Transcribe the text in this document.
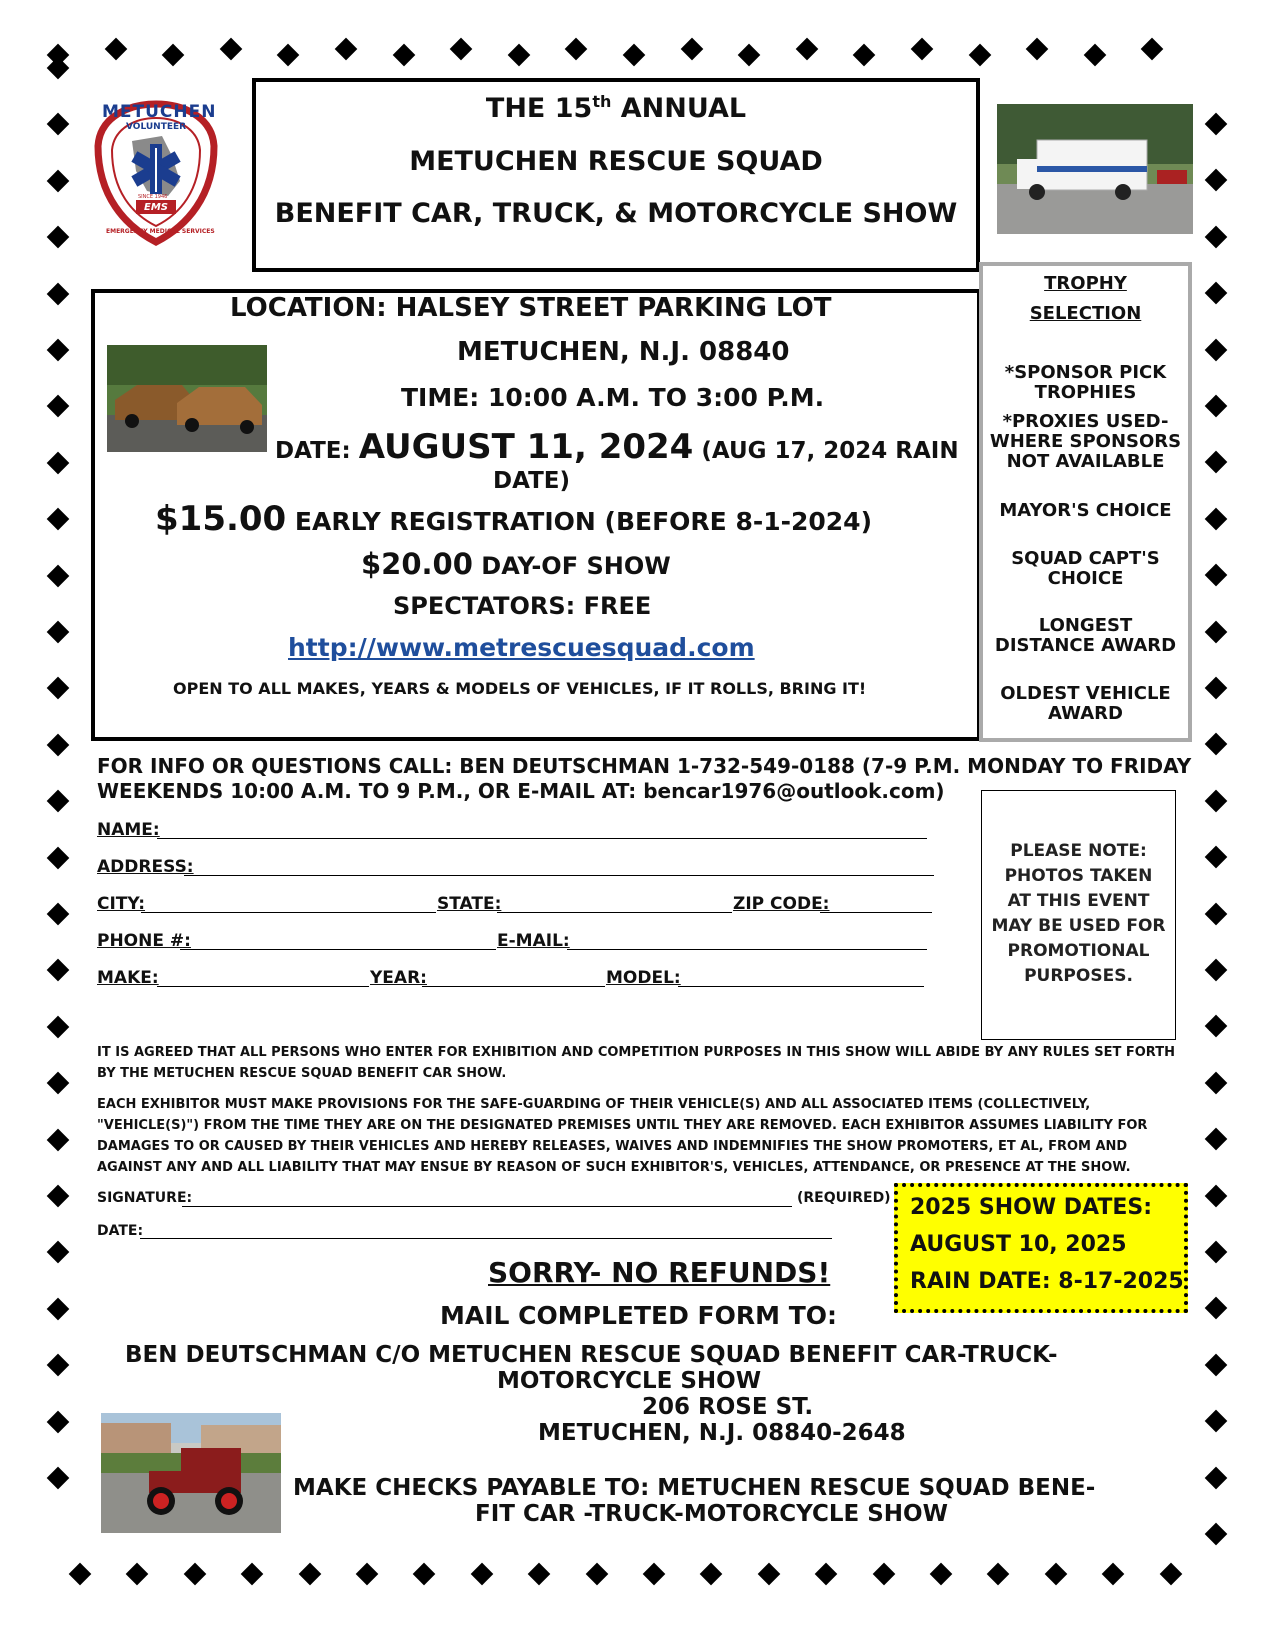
METUCHEN
VOLUNTEER
EMS
SINCE 1946
EMERGENCY MEDICAL SERVICES
THE 15th ANNUAL
METUCHEN RESCUE SQUAD
BENEFIT CAR, TRUCK, & MOTORCYCLE SHOW
LOCATION: HALSEY STREET PARKING LOT
METUCHEN, N.J. 08840
TIME: 10:00 A.M. TO 3:00 P.M.
DATE: AUGUST 11, 2024 (AUG 17, 2024 RAIN
DATE)
$15.00 EARLY REGISTRATION (BEFORE 8-1-2024)
$20.00 DAY-OF SHOW
SPECTATORS: FREE
http://www.metrescuesquad.com
OPEN TO ALL MAKES, YEARS & MODELS OF VEHICLES, IF IT ROLLS, BRING IT!
TROPHY
SELECTION
*SPONSOR PICK TROPHIES
*PROXIES USED-WHERE SPONSORS NOT AVAILABLE
MAYOR'S CHOICE
SQUAD CAPT'S CHOICE
LONGEST DISTANCE AWARD
OLDEST VEHICLE AWARD
FOR INFO OR QUESTIONS CALL: BEN DEUTSCHMAN 1-732-549-0188 (7-9 P.M. MONDAY TO FRIDAY
WEEKENDS 10:00 A.M. TO 9 P.M., OR E-MAIL AT: bencar1976@outlook.com)
NAME:
ADDRESS:
CITY:	STATE:	ZIP CODE:
PHONE #:	E-MAIL:
MAKE:	YEAR:	MODEL:
PLEASE NOTE:
PHOTOS TAKEN
AT THIS EVENT
MAY BE USED FOR
PROMOTIONAL
PURPOSES.
IT IS AGREED THAT ALL PERSONS WHO ENTER FOR EXHIBITION AND COMPETITION PURPOSES IN THIS SHOW WILL ABIDE BY ANY RULES SET FORTH BY THE METUCHEN RESCUE SQUAD BENEFIT CAR SHOW.
EACH EXHIBITOR MUST MAKE PROVISIONS FOR THE SAFE-GUARDING OF THEIR VEHICLE(S) AND ALL ASSOCIATED ITEMS (COLLECTIVELY, "VEHICLE(S)") FROM THE TIME THEY ARE ON THE DESIGNATED PREMISES UNTIL THEY ARE REMOVED. EACH EXHIBITOR ASSUMES LIABILITY FOR DAMAGES TO OR CAUSED BY THEIR VEHICLES AND HEREBY RELEASES, WAIVES AND INDEMNIFIES THE SHOW PROMOTERS, ET AL, FROM AND AGAINST ANY AND ALL LIABILITY THAT MAY ENSUE BY REASON OF SUCH EXHIBITOR'S, VEHICLES, ATTENDANCE, OR PRESENCE AT THE SHOW.
SIGNATURE:	(REQUIRED)
DATE:
2025 SHOW DATES:
AUGUST 10, 2025
RAIN DATE: 8-17-2025
SORRY- NO REFUNDS!
MAIL COMPLETED FORM TO:
BEN DEUTSCHMAN C/O METUCHEN RESCUE SQUAD BENEFIT CAR-TRUCK-
MOTORCYCLE SHOW
206 ROSE ST.
METUCHEN, N.J. 08840-2648
MAKE CHECKS PAYABLE TO: METUCHEN RESCUE SQUAD BENE-
FIT CAR -TRUCK-MOTORCYCLE SHOW
